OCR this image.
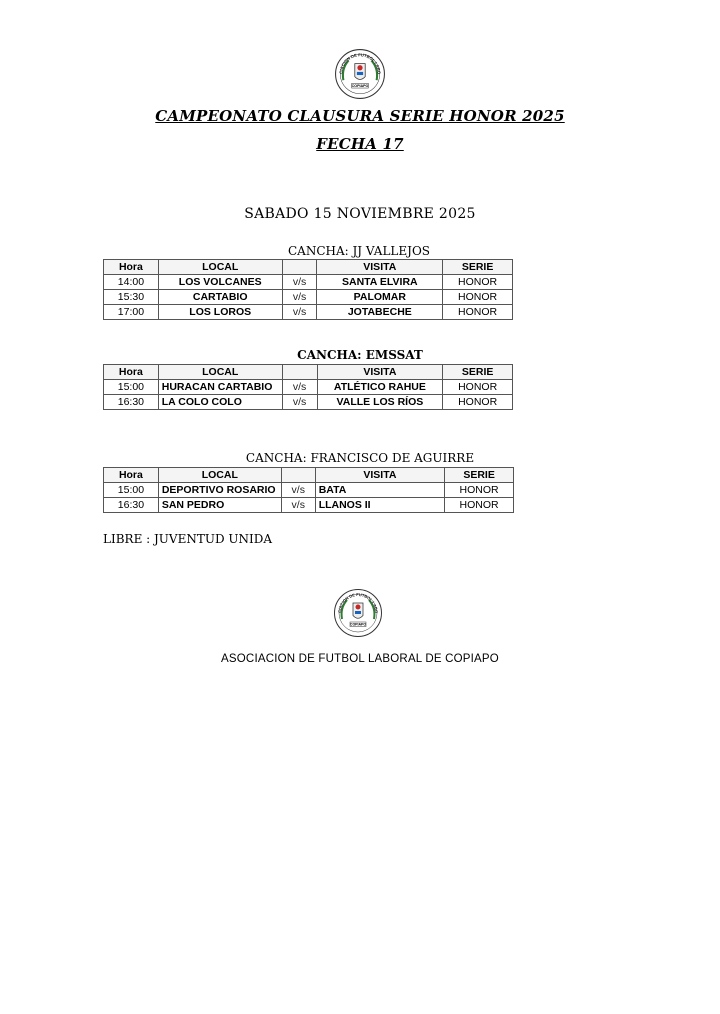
COPIAPO
CIACION DE FUTBOL LABO
CAMPEONATO CLAUSURA SERIE HONOR 2025
FECHA 17
SABADO 15 NOVIEMBRE 2025
CANCHA: JJ VALLEJOS
Hora	LOCAL		VISITA	SERIE
14:00	LOS VOLCANES	v/s	SANTA ELVIRA	HONOR
15:30	CARTABIO	v/s	PALOMAR	HONOR
17:00	LOS LOROS	v/s	JOTABECHE	HONOR
CANCHA: EMSSAT
Hora	LOCAL		VISITA	SERIE
15:00	HURACAN CARTABIO	v/s	ATLÉTICO RAHUE	HONOR
16:30	LA COLO COLO	v/s	VALLE LOS RÍOS	HONOR
CANCHA: FRANCISCO DE AGUIRRE
Hora	LOCAL		VISITA	SERIE
15:00	DEPORTIVO ROSARIO	v/s	BATA	HONOR
16:30	SAN PEDRO	v/s	LLANOS II	HONOR
LIBRE : JUVENTUD UNIDA
COPIAPO
CIACION DE FUTBOL LABO
ASOCIACION DE FUTBOL LABORAL DE COPIAPO
